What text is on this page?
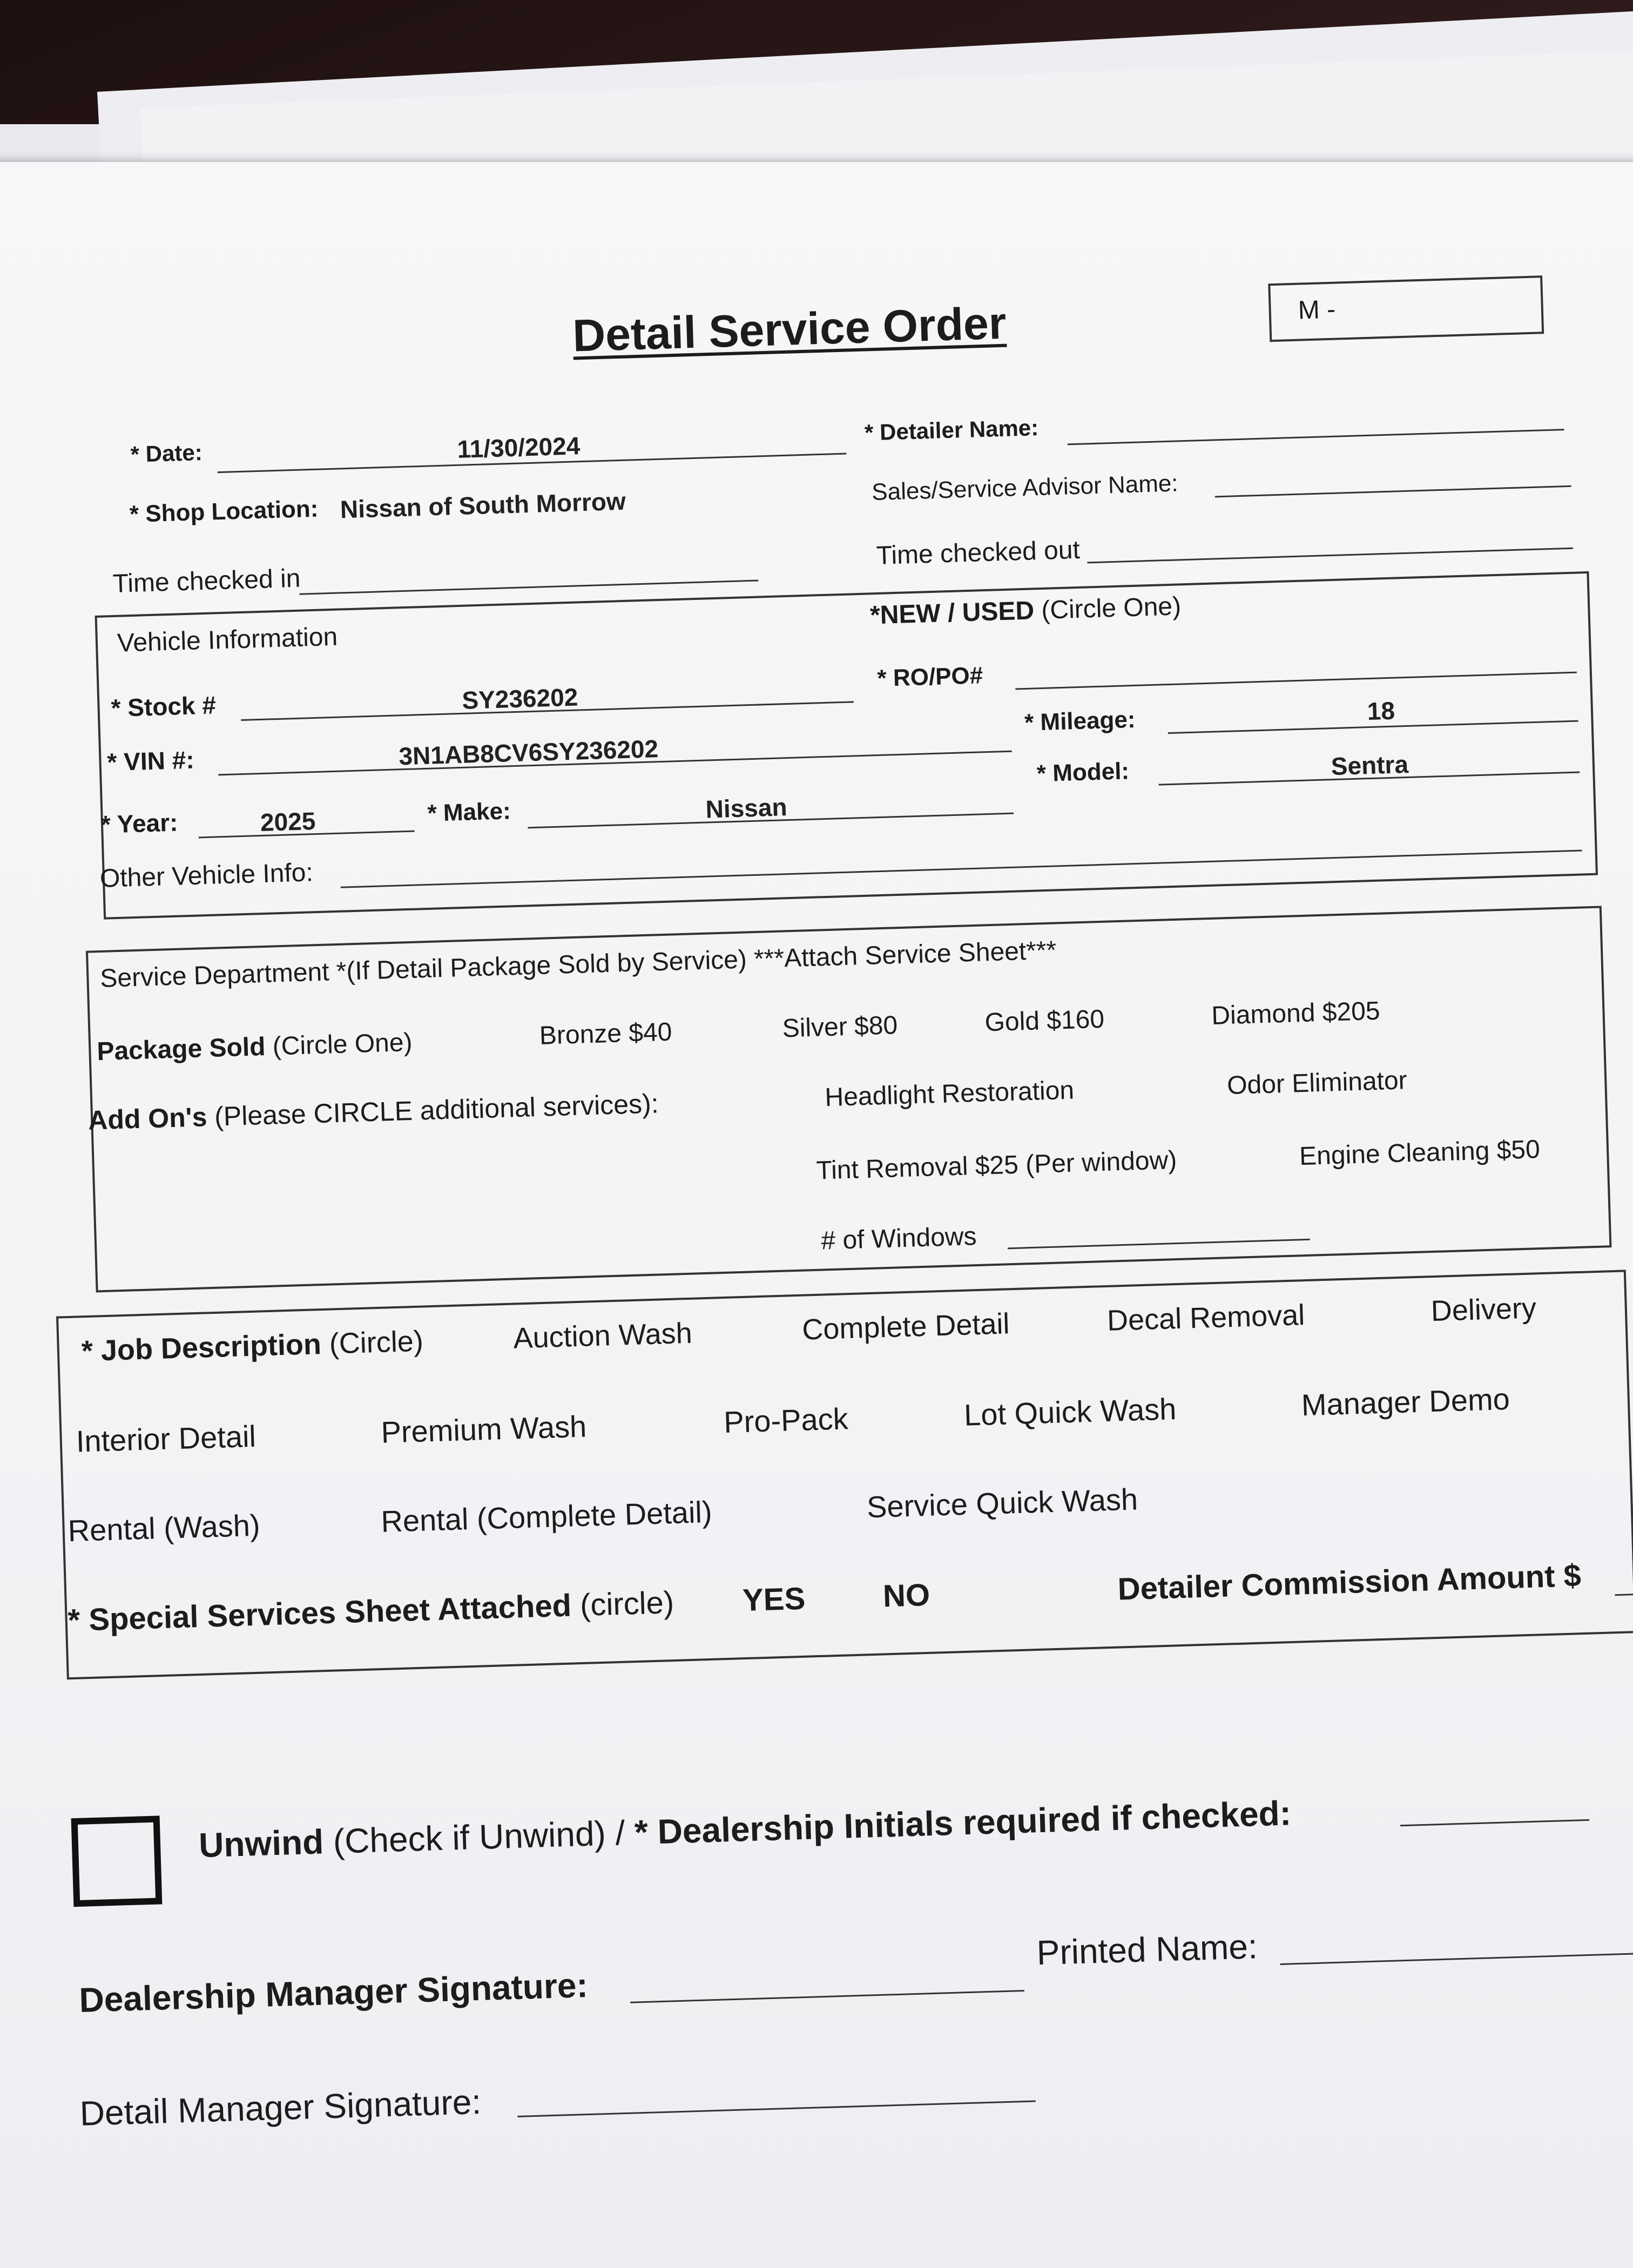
Detail Service Order	M -
* Date:	11/30/2024
* Detailer Name:
* Shop Location: Nissan of South Morrow	Sales/Service Advisor Name:
Time checked in
Time checked out
Vehicle Information
*NEW / USED (Circle One)
* Stock #	SY236202
* RO/PO#
* Mileage:	18
* VIN #:	3N1AB8CV6SY236202
* Model:	Sentra
* Year:	2025	* Make:	Nissan
Other Vehicle Info:
Service Department *(If Detail Package Sold by Service) ***Attach Service Sheet***
Package Sold (Circle One)	Bronze $40	Silver $80	Gold $160	Diamond $205
Add On's (Please CIRCLE additional services):	Headlight Restoration	Odor Eliminator
Tint Removal $25 (Per window)	Engine Cleaning $50
# of Windows
* Job Description (Circle)	Auction Wash	Complete Detail	Decal Removal	Delivery
Interior Detail	Premium Wash	Pro-Pack	Lot Quick Wash	Manager Demo
Rental (Wash)	Rental (Complete Detail)	Service Quick Wash
* Special Services Sheet Attached (circle) YES NO	Detailer Commission Amount $
Unwind (Check if Unwind) / * Dealership Initials required if checked:
Dealership Manager Signature:
Printed Name:
Detail Manager Signature:
